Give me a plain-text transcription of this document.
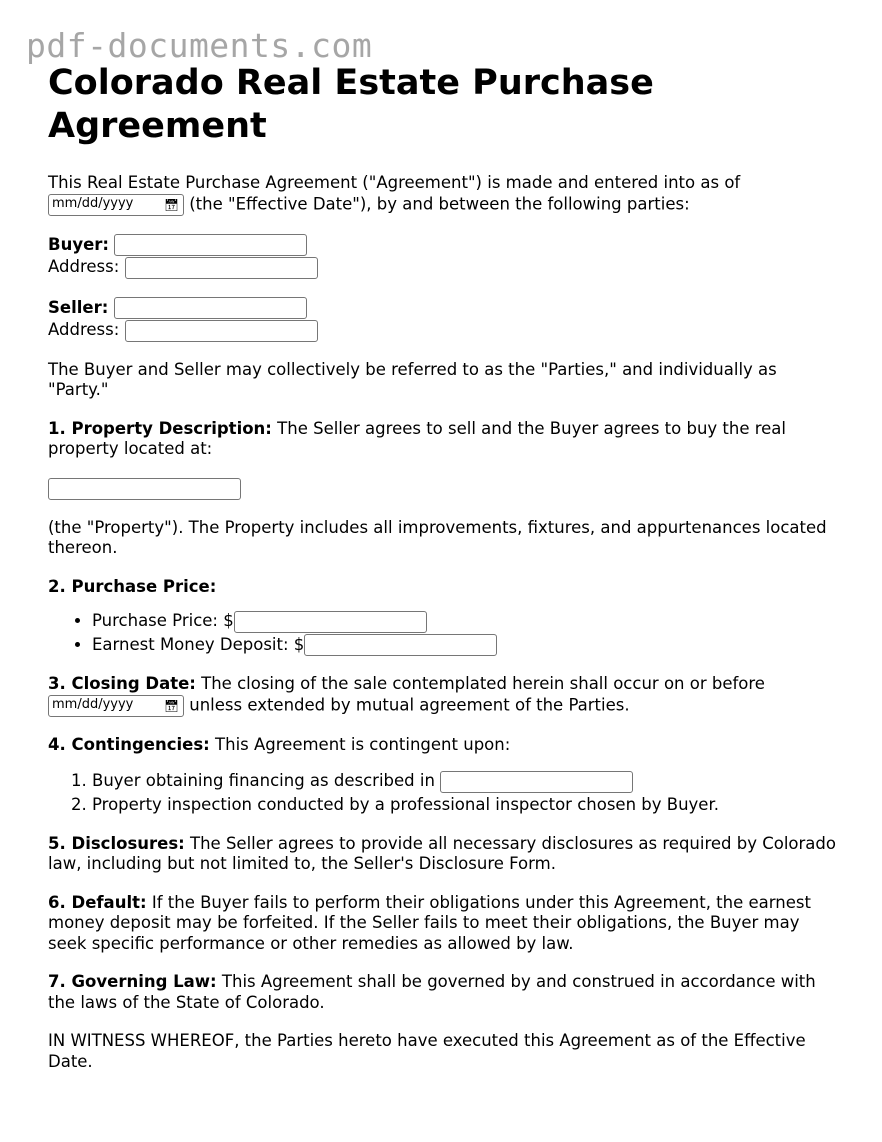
pdf-documents.com
Colorado Real Estate Purchase Agreement

This Real Estate Purchase Agreement ("Agreement") is made and entered into as of

mm/dd/yyyy	📅︎ (the "Effective Date"), by and between the following parties:

Buyer:
Address:
Seller:
Address:

The Buyer and Seller may collectively be referred to as the "Parties," and individually as "Party."

1. Property Description: The Seller agrees to sell and the Buyer agrees to buy the real property located at:

(the "Property"). The Property includes all improvements, fixtures, and appurtenances located thereon.

2. Purchase Price:

• Purchase Price: $
• Earnest Money Deposit: $

3. Closing Date: The closing of the sale contemplated herein shall occur on or before

mm/dd/yyyy	📅︎ unless extended by mutual agreement of the Parties.

4. Contingencies: This Agreement is contingent upon:

1. Buyer obtaining financing as described in
2. Property inspection conducted by a professional inspector chosen by Buyer.

5. Disclosures: The Seller agrees to provide all necessary disclosures as required by Colorado law, including but not limited to, the Seller's Disclosure Form.

6. Default: If the Buyer fails to perform their obligations under this Agreement, the earnest money deposit may be forfeited. If the Seller fails to meet their obligations, the Buyer may seek specific performance or other remedies as allowed by law.

7. Governing Law: This Agreement shall be governed by and construed in accordance with the laws of the State of Colorado.

IN WITNESS WHEREOF, the Parties hereto have executed this Agreement as of the Effective Date.
